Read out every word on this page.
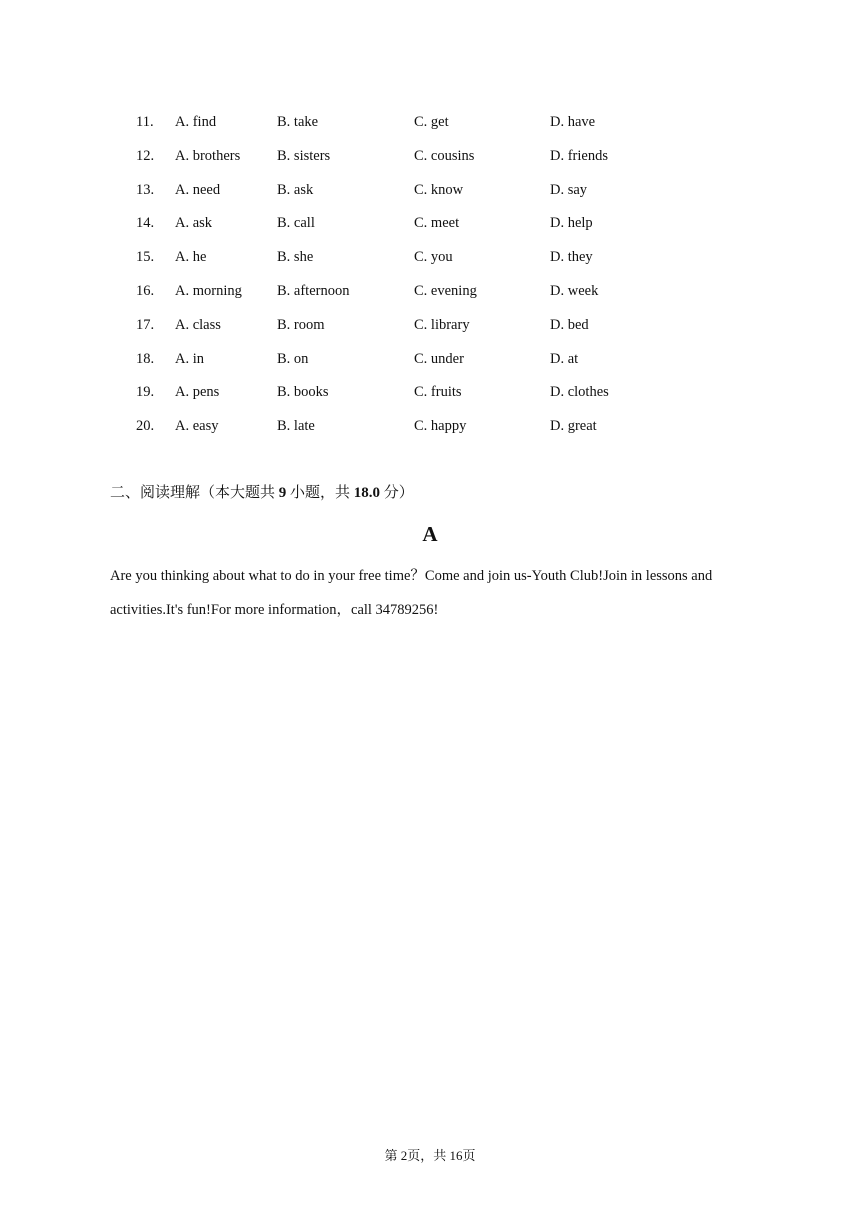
11. A. find	B. take	C. get	D. have
12. A. brothers	B. sisters	C. cousins	D. friends
13. A. need	B. ask	C. know	D. say
14. A. ask	B. call	C. meet	D. help
15. A. he	B. she	C. you	D. they
16. A. morning B. afternoon	C. evening	D. week
17. A. class	B. room	C. library	D. bed
18. A. in	B. on	C. under	D. at
19. A. pens	B. books	C. fruits	D. clothes
20. A. easy	B. late	C. happy	D. great
二、阅读理解（本大题共 9 小题，共 18.0 分）
A
Are you thinking about what to do in your free time？Come and join us-Youth Club!Join in lessons and activities.It's fun!For more information，call 34789256!
第 2页，共 16页
